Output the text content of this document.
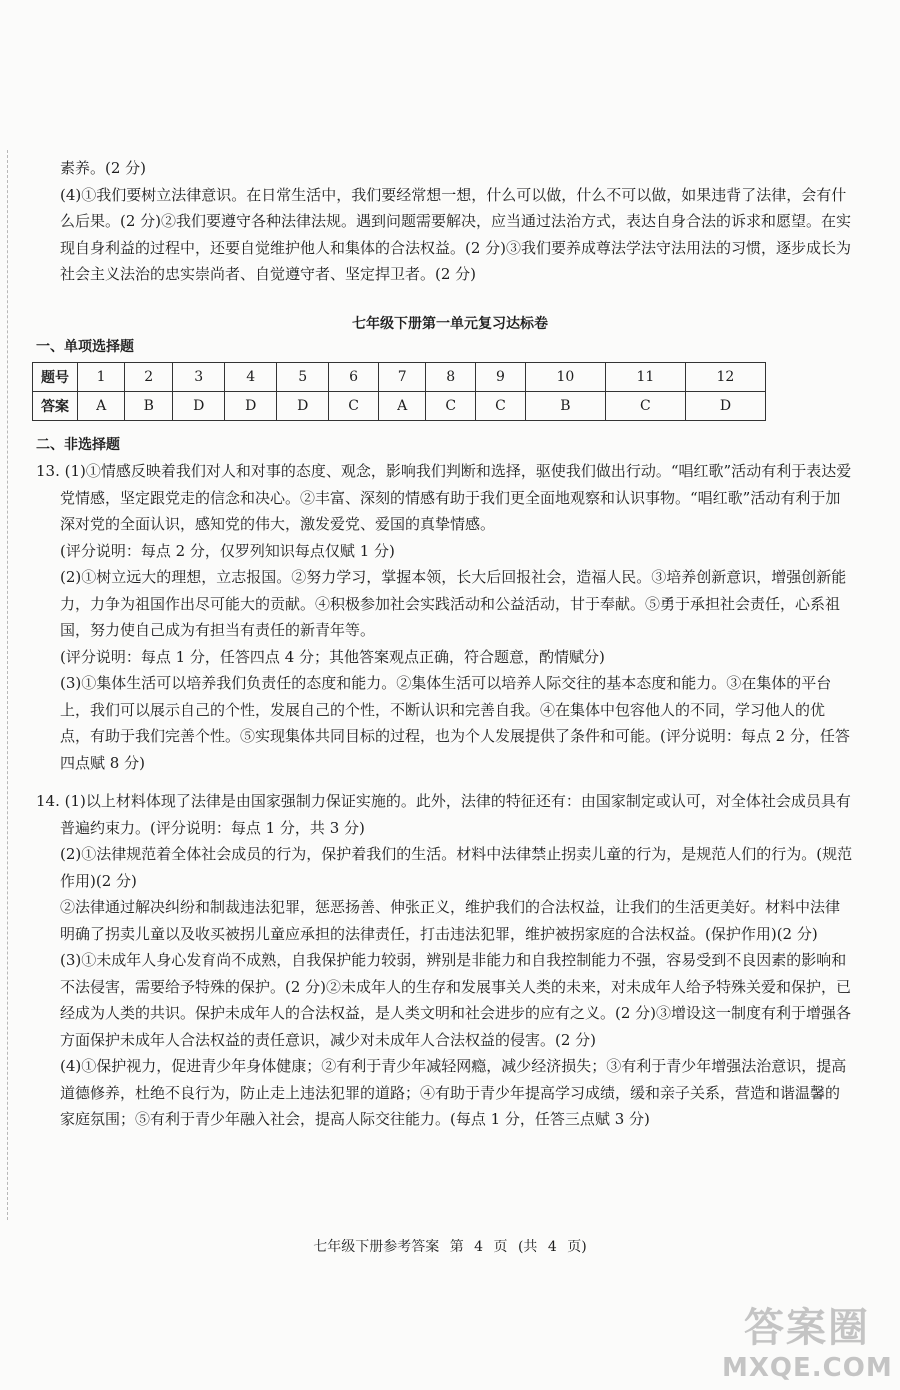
素养。(2 分)

(4)①我们要树立法律意识。在日常生活中，我们要经常想一想，什么可以做，什么不可以做，如果违背了法律，会有什么后果。(2 分)②我们要遵守各种法律法规。遇到问题需要解决，应当通过法治方式，表达自身合法的诉求和愿望。在实现自身利益的过程中，还要自觉维护他人和集体的合法权益。(2 分)③我们要养成尊法学法守法用法的习惯，逐步成长为社会主义法治的忠实崇尚者、自觉遵守者、坚定捍卫者。(2 分)

七年级下册第一单元复习达标卷
一、单项选择题
题号	1	2	3	4	5	6	7	8	9	10	11	12
答案	A	B	D	D	D	C	A	C	C	B	C	D
二、非选择题

13. (1)①情感反映着我们对人和对事的态度、观念，影响我们判断和选择，驱使我们做出行动。“唱红歌”活动有利于表达爱党情感，坚定跟党走的信念和决心。②丰富、深刻的情感有助于我们更全面地观察和认识事物。“唱红歌”活动有利于加深对党的全面认识，感知党的伟大，激发爱党、爱国的真挚情感。

(评分说明：每点 2 分，仅罗列知识每点仅赋 1 分)

(2)①树立远大的理想，立志报国。②努力学习，掌握本领，长大后回报社会，造福人民。③培养创新意识，增强创新能力，力争为祖国作出尽可能大的贡献。④积极参加社会实践活动和公益活动，甘于奉献。⑤勇于承担社会责任，心系祖国，努力使自己成为有担当有责任的新青年等。

(评分说明：每点 1 分，任答四点 4 分；其他答案观点正确，符合题意，酌情赋分)

(3)①集体生活可以培养我们负责任的态度和能力。②集体生活可以培养人际交往的基本态度和能力。③在集体的平台上，我们可以展示自己的个性，发展自己的个性，不断认识和完善自我。④在集体中包容他人的不同，学习他人的优点，有助于我们完善个性。⑤实现集体共同目标的过程，也为个人发展提供了条件和可能。(评分说明：每点 2 分，任答四点赋 8 分)

14. (1)以上材料体现了法律是由国家强制力保证实施的。此外，法律的特征还有：由国家制定或认可，对全体社会成员具有普遍约束力。(评分说明：每点 1 分，共 3 分)

(2)①法律规范着全体社会成员的行为，保护着我们的生活。材料中法律禁止拐卖儿童的行为，是规范人们的行为。(规范作用)(2 分)

②法律通过解决纠纷和制裁违法犯罪，惩恶扬善、伸张正义，维护我们的合法权益，让我们的生活更美好。材料中法律明确了拐卖儿童以及收买被拐儿童应承担的法律责任，打击违法犯罪，维护被拐家庭的合法权益。(保护作用)(2 分)

(3)①未成年人身心发育尚不成熟，自我保护能力较弱，辨别是非能力和自我控制能力不强，容易受到不良因素的影响和不法侵害，需要给予特殊的保护。(2 分)②未成年人的生存和发展事关人类的未来，对未成年人给予特殊关爱和保护，已经成为人类的共识。保护未成年人的合法权益，是人类文明和社会进步的应有之义。(2 分)③增设这一制度有利于增强各方面保护未成年人合法权益的责任意识，减少对未成年人合法权益的侵害。(2 分)

(4)①保护视力，促进青少年身体健康；②有利于青少年减轻网瘾，减少经济损失；③有利于青少年增强法治意识，提高道德修养，杜绝不良行为，防止走上违法犯罪的道路；④有助于青少年提高学习成绩，缓和亲子关系，营造和谐温馨的家庭氛围；⑤有利于青少年融入社会，提高人际交往能力。(每点 1 分，任答三点赋 3 分)

七年级下册参考答案 第 4 页 (共 4 页)
答案圈
MXQE.COM
